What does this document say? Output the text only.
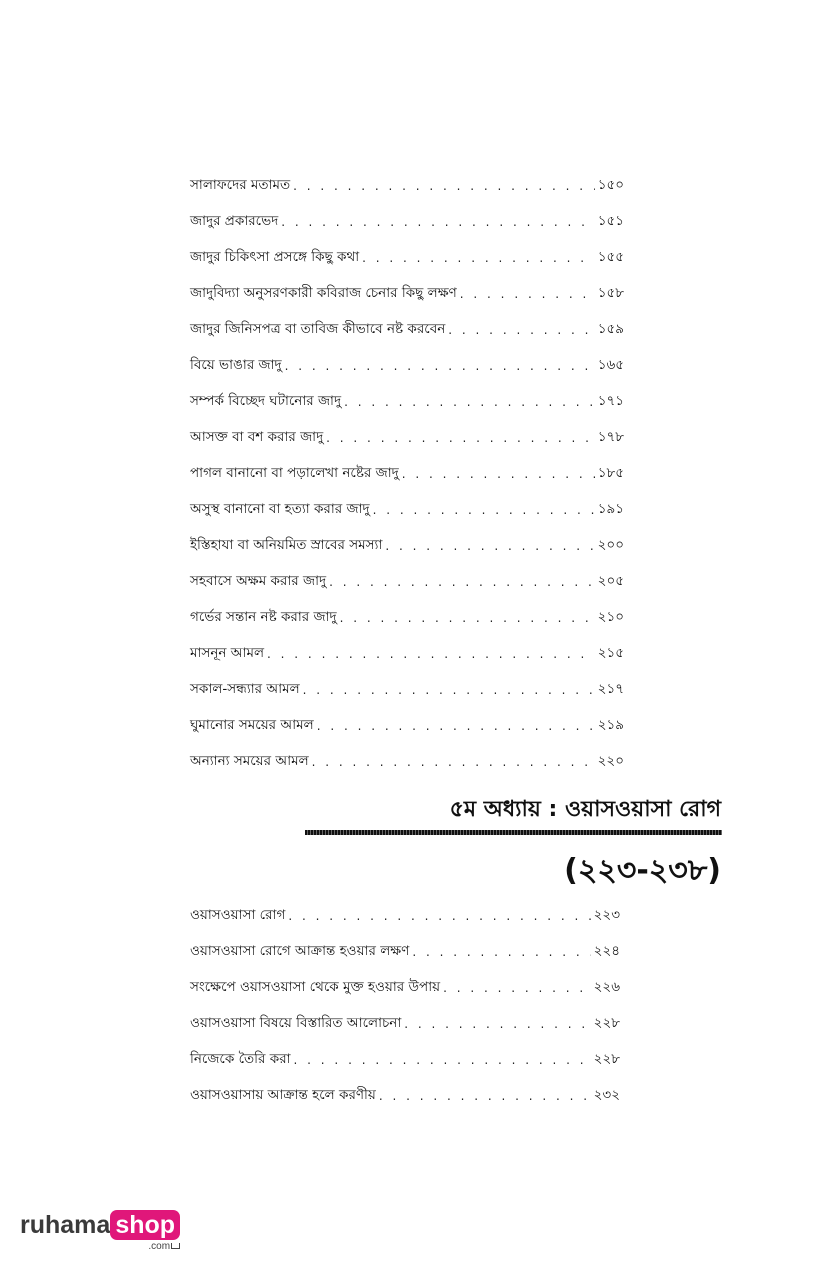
সালাফদের মতামত . . .	১৫০
জাদুর প্রকারভেদ . . .	১৫১
জাদুর চিকিৎসা প্রসঙ্গে কিছু কথা . . .	১৫৫
জাদুবিদ্যা অনুসরণকারী কবিরাজ চেনার কিছু লক্ষণ . . .	১৫৮
জাদুর জিনিসপত্র বা তাবিজ কীভাবে নষ্ট করবেন . . .	১৫৯
বিয়ে ভাঙার জাদু . . .	১৬৫
সম্পর্ক বিচ্ছেদ ঘটানোর জাদু . . .	১৭১
আসক্ত বা বশ করার জাদু . . .	১৭৮
পাগল বানানো বা পড়ালেখা নষ্টের জাদু . . .	১৮৫
অসুস্থ বানানো বা হত্যা করার জাদু . . .	১৯১
ইস্তিহাযা বা অনিয়মিত স্রাবের সমস্যা . . .	২০০
সহবাসে অক্ষম করার জাদু . . .	২০৫
গর্ভের সন্তান নষ্ট করার জাদু . . .	২১০
মাসনূন আমল . . .	২১৫
সকাল-সন্ধ্যার আমল . . .	২১৭
ঘুমানোর সময়ের আমল . . .	২১৯
অন্যান্য সময়ের আমল . . .	২২০
৫ম অধ্যায় : ওয়াসওয়াসা রোগ
(২২৩-২৩৮)
ওয়াসওয়াসা রোগ . . .	২২৩
ওয়াসওয়াসা রোগে আক্রান্ত হওয়ার লক্ষণ . . .	২২৪
সংক্ষেপে ওয়াসওয়াসা থেকে মুক্ত হওয়ার উপায় . . .	২২৬
ওয়াসওয়াসা বিষয়ে বিস্তারিত আলোচনা . . .	২২৮
নিজেকে তৈরি করা . . .	২২৮
ওয়াসওয়াসায় আক্রান্ত হলে করণীয় . . .	২৩২
ruhama shop
.com
